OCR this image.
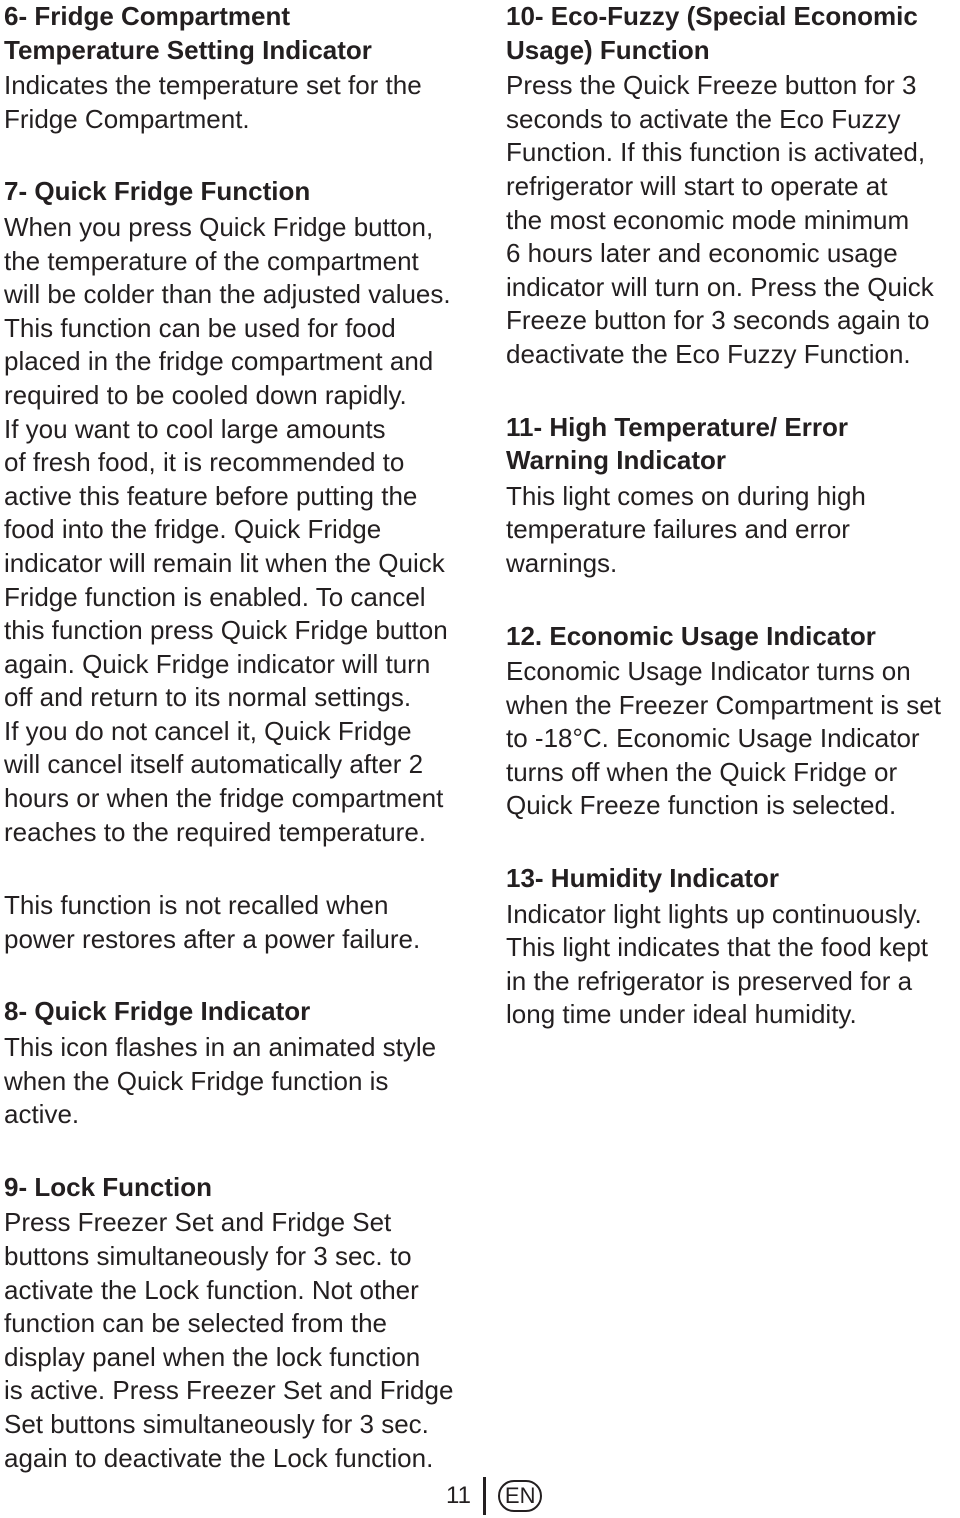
6- Fridge Compartment
Temperature Setting Indicator

Indicates the temperature set for the
Fridge Compartment.

7- Quick Fridge Function

When you press Quick Fridge button,
the temperature of the compartment
will be colder than the adjusted values.
This function can be used for food
placed in the fridge compartment and
required to be cooled down rapidly.
If you want to cool large amounts
of fresh food, it is recommended to
active this feature before putting the
food into the fridge. Quick Fridge
indicator will remain lit when the Quick
Fridge function is enabled. To cancel
this function press Quick Fridge button
again. Quick Fridge indicator will turn
off and return to its normal settings.
If you do not cancel it, Quick Fridge
will cancel itself automatically after 2
hours or when the fridge compartment
reaches to the required temperature.

This function is not recalled when
power restores after a power failure.

8- Quick Fridge Indicator

This icon flashes in an animated style
when the Quick Fridge function is
active.

9- Lock Function

Press Freezer Set and Fridge Set
buttons simultaneously for 3 sec. to
activate the Lock function. Not other
function can be selected from the
display panel when the lock function
is active. Press Freezer Set and Fridge
Set buttons simultaneously for 3 sec.
again to deactivate the Lock function.

10- Eco-Fuzzy (Special Economic
Usage) Function

Press the Quick Freeze button for 3
seconds to activate the Eco Fuzzy
Function. If this function is activated,
refrigerator will start to operate at
the most economic mode minimum
6 hours later and economic usage
indicator will turn on. Press the Quick
Freeze button for 3 seconds again to
deactivate the Eco Fuzzy Function.

11- High Temperature/ Error
Warning Indicator

This light comes on during high
temperature failures and error
warnings.

12. Economic Usage Indicator

Economic Usage Indicator turns on
when the Freezer Compartment is set
to -18°C. Economic Usage Indicator
turns off when the Quick Fridge or
Quick Freeze function is selected.

13- Humidity Indicator

Indicator light lights up continuously.
This light indicates that the food kept
in the refrigerator is preserved for a
long time under ideal humidity.

11	EN
